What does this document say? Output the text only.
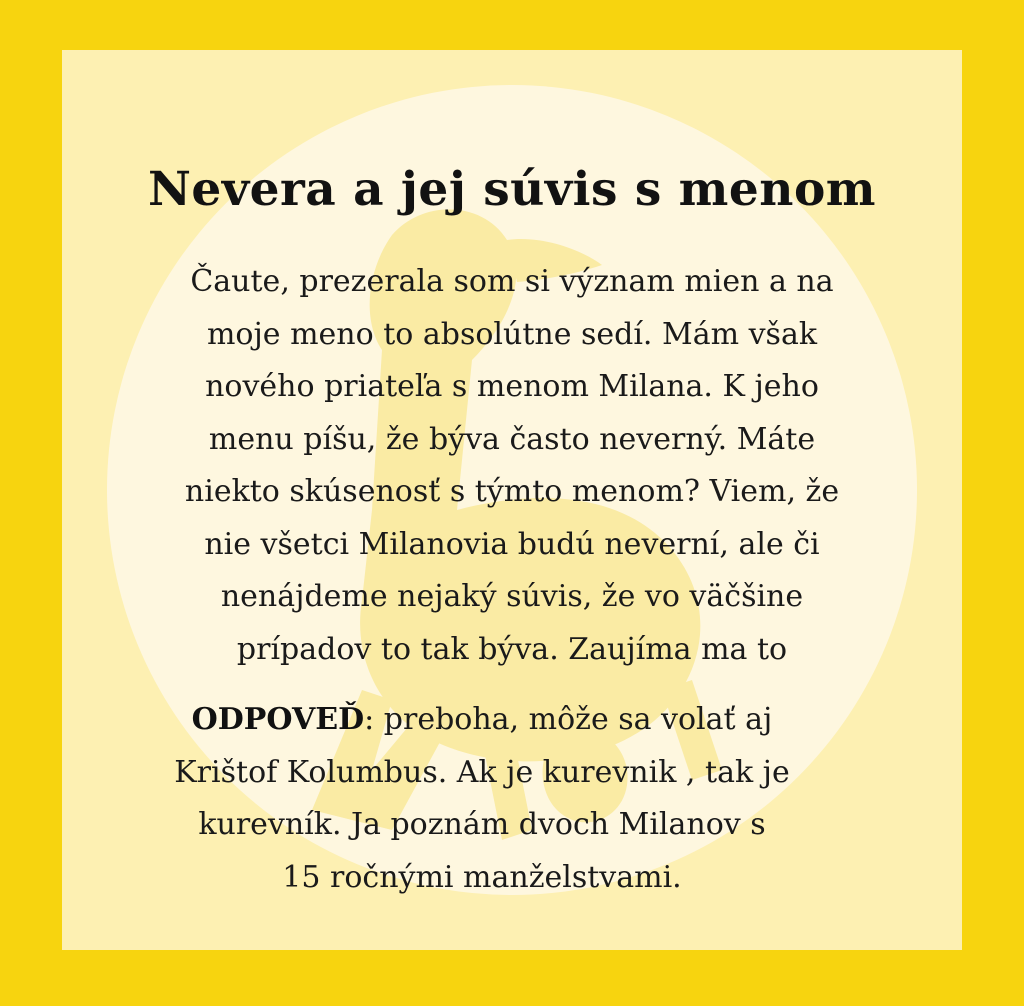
Nevera a jej súvis s menom
Čaute, prezerala som si význam mien a na
moje meno to absolútne sedí. Mám však
nového priateľa s menom Milana. K jeho
menu píšu, že býva často neverný. Máte
niekto skúsenosť s týmto menom? Viem, že
nie všetci Milanovia budú neverní, ale či
nenájdeme nejaký súvis, že vo väčšine
prípadov to tak býva. Zaujíma ma to
ODPOVEĎ: preboha, môže sa volať aj
Krištof Kolumbus. Ak je kurevnik , tak je
kurevník. Ja poznám dvoch Milanov s
15 ročnými manželstvami.
